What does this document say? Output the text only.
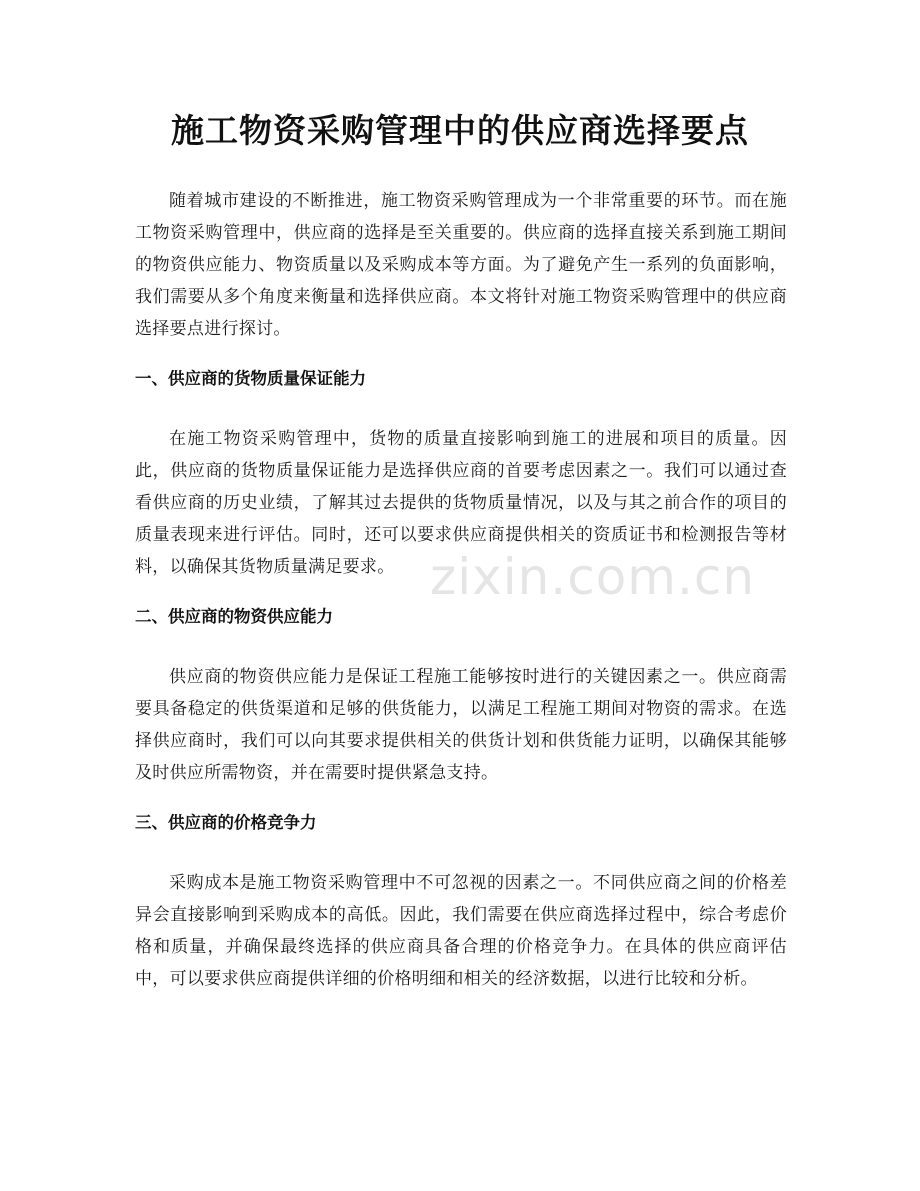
施工物资采购管理中的供应商选择要点

随着城市建设的不断推进，施工物资采购管理成为一个非常重要的环节。而在施工物资采购管理中，供应商的选择是至关重要的。供应商的选择直接关系到施工期间的物资供应能力、物资质量以及采购成本等方面。为了避免产生一系列的负面影响，我们需要从多个角度来衡量和选择供应商。本文将针对施工物资采购管理中的供应商选择要点进行探讨。

一、供应商的货物质量保证能力

在施工物资采购管理中，货物的质量直接影响到施工的进展和项目的质量。因此，供应商的货物质量保证能力是选择供应商的首要考虑因素之一。我们可以通过查看供应商的历史业绩，了解其过去提供的货物质量情况，以及与其之前合作的项目的质量表现来进行评估。同时，还可以要求供应商提供相关的资质证书和检测报告等材料，以确保其货物质量满足要求。

二、供应商的物资供应能力

供应商的物资供应能力是保证工程施工能够按时进行的关键因素之一。供应商需要具备稳定的供货渠道和足够的供货能力，以满足工程施工期间对物资的需求。在选择供应商时，我们可以向其要求提供相关的供货计划和供货能力证明，以确保其能够及时供应所需物资，并在需要时提供紧急支持。

三、供应商的价格竞争力

采购成本是施工物资采购管理中不可忽视的因素之一。不同供应商之间的价格差异会直接影响到采购成本的高低。因此，我们需要在供应商选择过程中，综合考虑价格和质量，并确保最终选择的供应商具备合理的价格竞争力。在具体的供应商评估中，可以要求供应商提供详细的价格明细和相关的经济数据，以进行比较和分析。

zixin.com.cn
